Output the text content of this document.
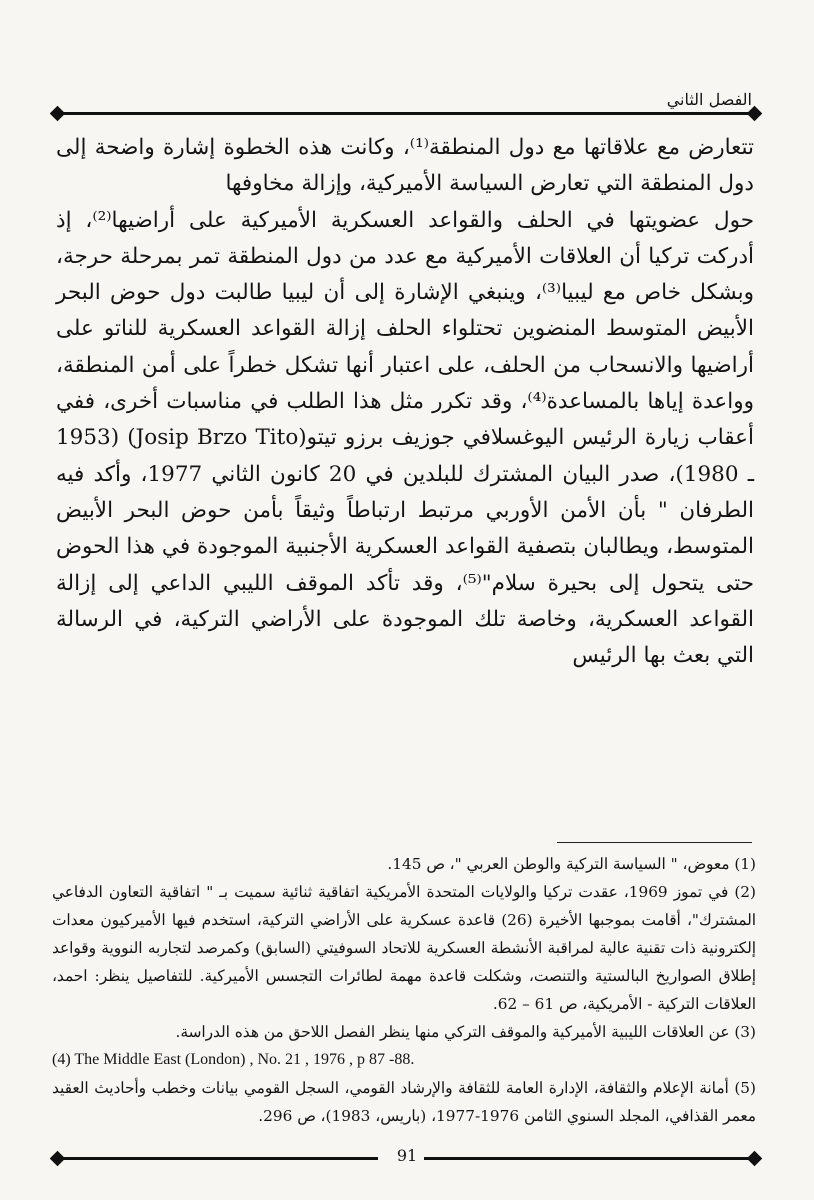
الفصل الثاني

تتعارض مع علاقاتها مع دول المنطقة⁽¹⁾، وكانت هذه الخطوة إشارة واضحة إلى دول المنطقة التي تعارض السياسة الأميركية، وإزالة مخاوفها

حول عضويتها في الحلف والقواعد العسكرية الأميركية على أراضيها⁽²⁾، إذ أدركت تركيا أن العلاقات الأميركية مع عدد من دول المنطقة تمر بمرحلة حرجة، وبشكل خاص مع ليبيا⁽³⁾، وينبغي الإشارة إلى أن ليبيا طالبت دول حوض البحر الأبيض المتوسط المنضوين تحتلواء الحلف إزالة القواعد العسكرية للناتو على أراضيها والانسحاب من الحلف، على اعتبار أنها تشكل خطراً على أمن المنطقة، وواعدة إياها بالمساعدة⁽⁴⁾، وقد تكرر مثل هذا الطلب في مناسبات أخرى، ففي أعقاب زيارة الرئيس اليوغسلافي جوزيف برزو تيتو(Josip Brzo Tito) (1953 ـ 1980)، صدر البيان المشترك للبلدين في 20 كانون الثاني 1977، وأكد فيه الطرفان " بأن الأمن الأوربي مرتبط ارتباطاً وثيقاً بأمن حوض البحر الأبيض المتوسط، ويطالبان بتصفية القواعد العسكرية الأجنبية الموجودة في هذا الحوض حتى يتحول إلى بحيرة سلام"⁽⁵⁾، وقد تأكد الموقف الليبي الداعي إلى إزالة القواعد العسكرية، وخاصة تلك الموجودة على الأراضي التركية، في الرسالة التي بعث بها الرئيس

(1) معوض، " السياسة التركية والوطن العربي "، ص 145.

(2) في تموز 1969، عقدت تركيا والولايات المتحدة الأمريكية اتفاقية ثنائية سميت بـ " اتفاقية التعاون الدفاعي المشترك"، أقامت بموجبها الأخيرة (26) قاعدة عسكرية على الأراضي التركية، استخدم فيها الأميركيون معدات إلكترونية ذات تقنية عالية لمراقبة الأنشطة العسكرية للاتحاد السوفيتي (السابق) وكمرصد لتجاربه النووية وقواعد إطلاق الصواريخ البالستية والتنصت، وشكلت قاعدة مهمة لطائرات التجسس الأميركية. للتفاصيل ينظر: احمد، العلاقات التركية - الأمريكية، ص 61 – 62.

(3) عن العلاقات الليبية الأميركية والموقف التركي منها ينظر الفصل اللاحق من هذه الدراسة.

(4) The Middle East (London) , No. 21 , 1976 , p 87 -88.

(5) أمانة الإعلام والثقافة، الإدارة العامة للثقافة والإرشاد القومي، السجل القومي بيانات وخطب وأحاديث العقيد معمر القذافي، المجلد السنوي الثامن 1976-1977، (باريس، 1983)، ص 296.

91
